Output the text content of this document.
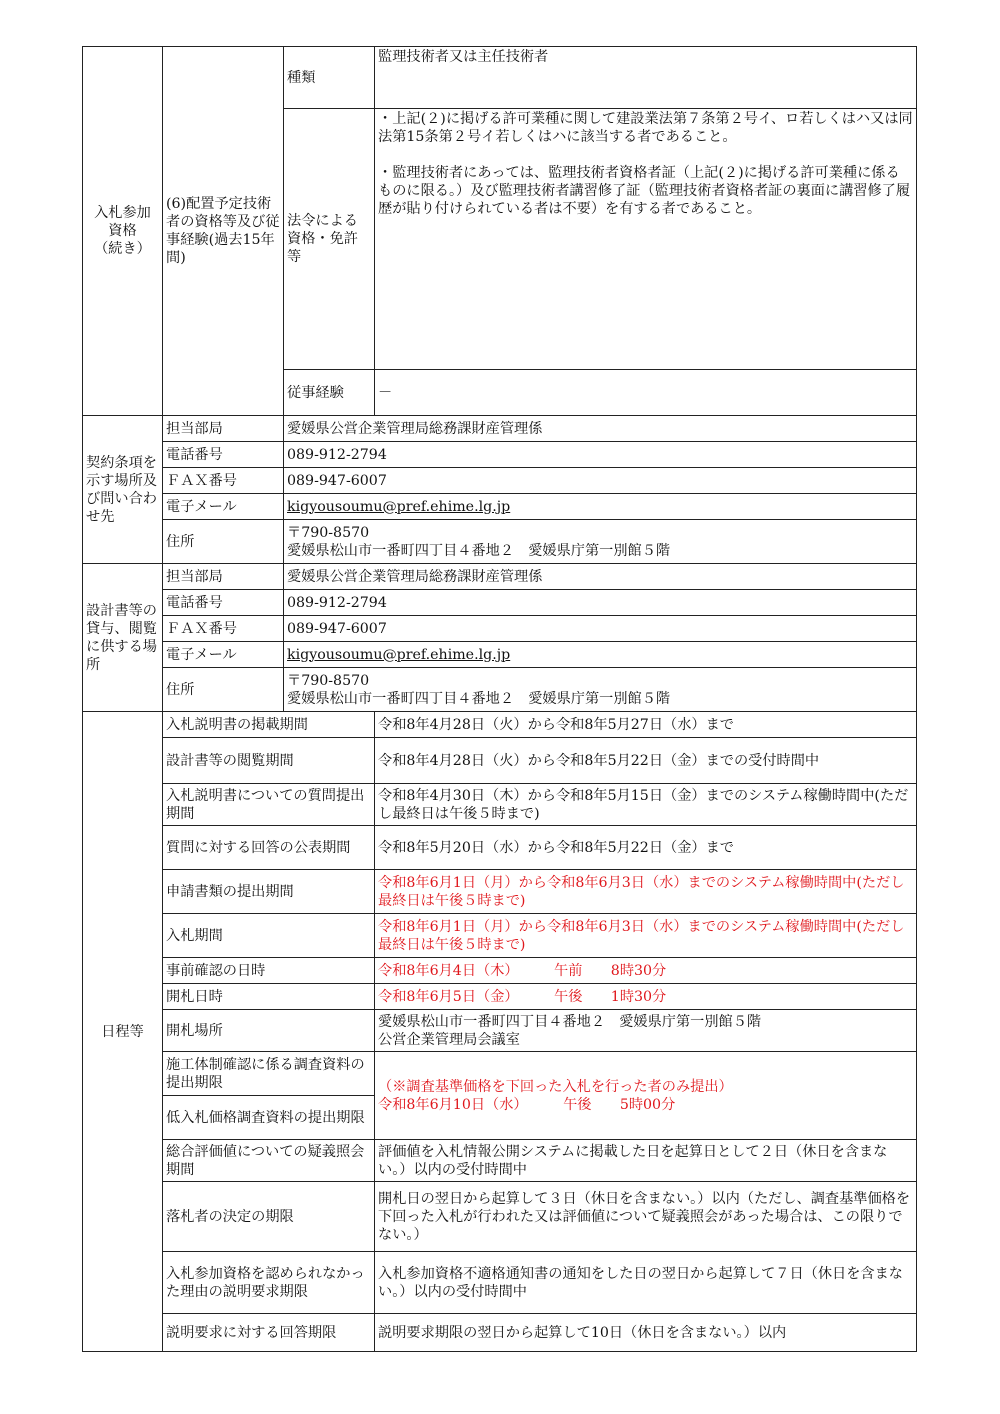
入札参加
資格
（続き）	(6)配置予定技術者の資格等及び従事経験(過去15年間)	種類	監理技術者又は主任技術者
		法令による資格・免許等	・上記(２)に掲げる許可業種に関して建設業法第７条第２号イ、ロ若しくはハ又は同法第15条第２号イ若しくはハに該当する者であること。

・監理技術者にあっては、監理技術者資格者証（上記(２)に掲げる許可業種に係るものに限る。）及び監理技術者講習修了証（監理技術者資格者証の裏面に講習修了履歴が貼り付けられている者は不要）を有する者であること。
		従事経験	－
契約条項を示す場所及び問い合わせ先	担当部局	愛媛県公営企業管理局総務課財産管理係	
	電話番号	089-912-2794	
	ＦＡＸ番号	089-947-6007	
	電子メール	kigyousoumu@pref.ehime.lg.jp	
	住所	〒790-8570
愛媛県松山市一番町四丁目４番地２　愛媛県庁第一別館５階	
設計書等の貸与、閲覧に供する場所	担当部局	愛媛県公営企業管理局総務課財産管理係	
	電話番号	089-912-2794	
	ＦＡＸ番号	089-947-6007	
	電子メール	kigyousoumu@pref.ehime.lg.jp	
	住所	〒790-8570
愛媛県松山市一番町四丁目４番地２　愛媛県庁第一別館５階	
日程等	入札説明書の掲載期間		令和8年4月28日（火）から令和8年5月27日（水）まで
	設計書等の閲覧期間		令和8年4月28日（火）から令和8年5月22日（金）までの受付時間中
	入札説明書についての質問提出期間		令和8年4月30日（木）から令和8年5月15日（金）までのシステム稼働時間中(ただし最終日は午後５時まで)
	質問に対する回答の公表期間		令和8年5月20日（水）から令和8年5月22日（金）まで
	申請書類の提出期間		令和8年6月1日（月）から令和8年6月3日（水）までのシステム稼働時間中(ただし最終日は午後５時まで)
	入札期間		令和8年6月1日（月）から令和8年6月3日（水）までのシステム稼働時間中(ただし最終日は午後５時まで)
	事前確認の日時		令和8年6月4日（木）　　　午前　　8時30分
	開札日時		令和8年6月5日（金）　　　午後　　1時30分
	開札場所		愛媛県松山市一番町四丁目４番地２　愛媛県庁第一別館５階
公営企業管理局会議室
	施工体制確認に係る調査資料の提出期限		（※調査基準価格を下回った入札を行った者のみ提出）
令和8年6月10日（水）　　　午後　　5時00分
	低入札価格調査資料の提出期限		
	総合評価値についての疑義照会期間		評価値を入札情報公開システムに掲載した日を起算日として２日（休日を含まない。）以内の受付時間中
	落札者の決定の期限		開札日の翌日から起算して３日（休日を含まない。）以内（ただし、調査基準価格を下回った入札が行われた又は評価値について疑義照会があった場合は、この限りでない。）
	入札参加資格を認められなかった理由の説明要求期限		入札参加資格不適格通知書の通知をした日の翌日から起算して７日（休日を含まない。）以内の受付時間中
	説明要求に対する回答期限		説明要求期限の翌日から起算して10日（休日を含まない。）以内
